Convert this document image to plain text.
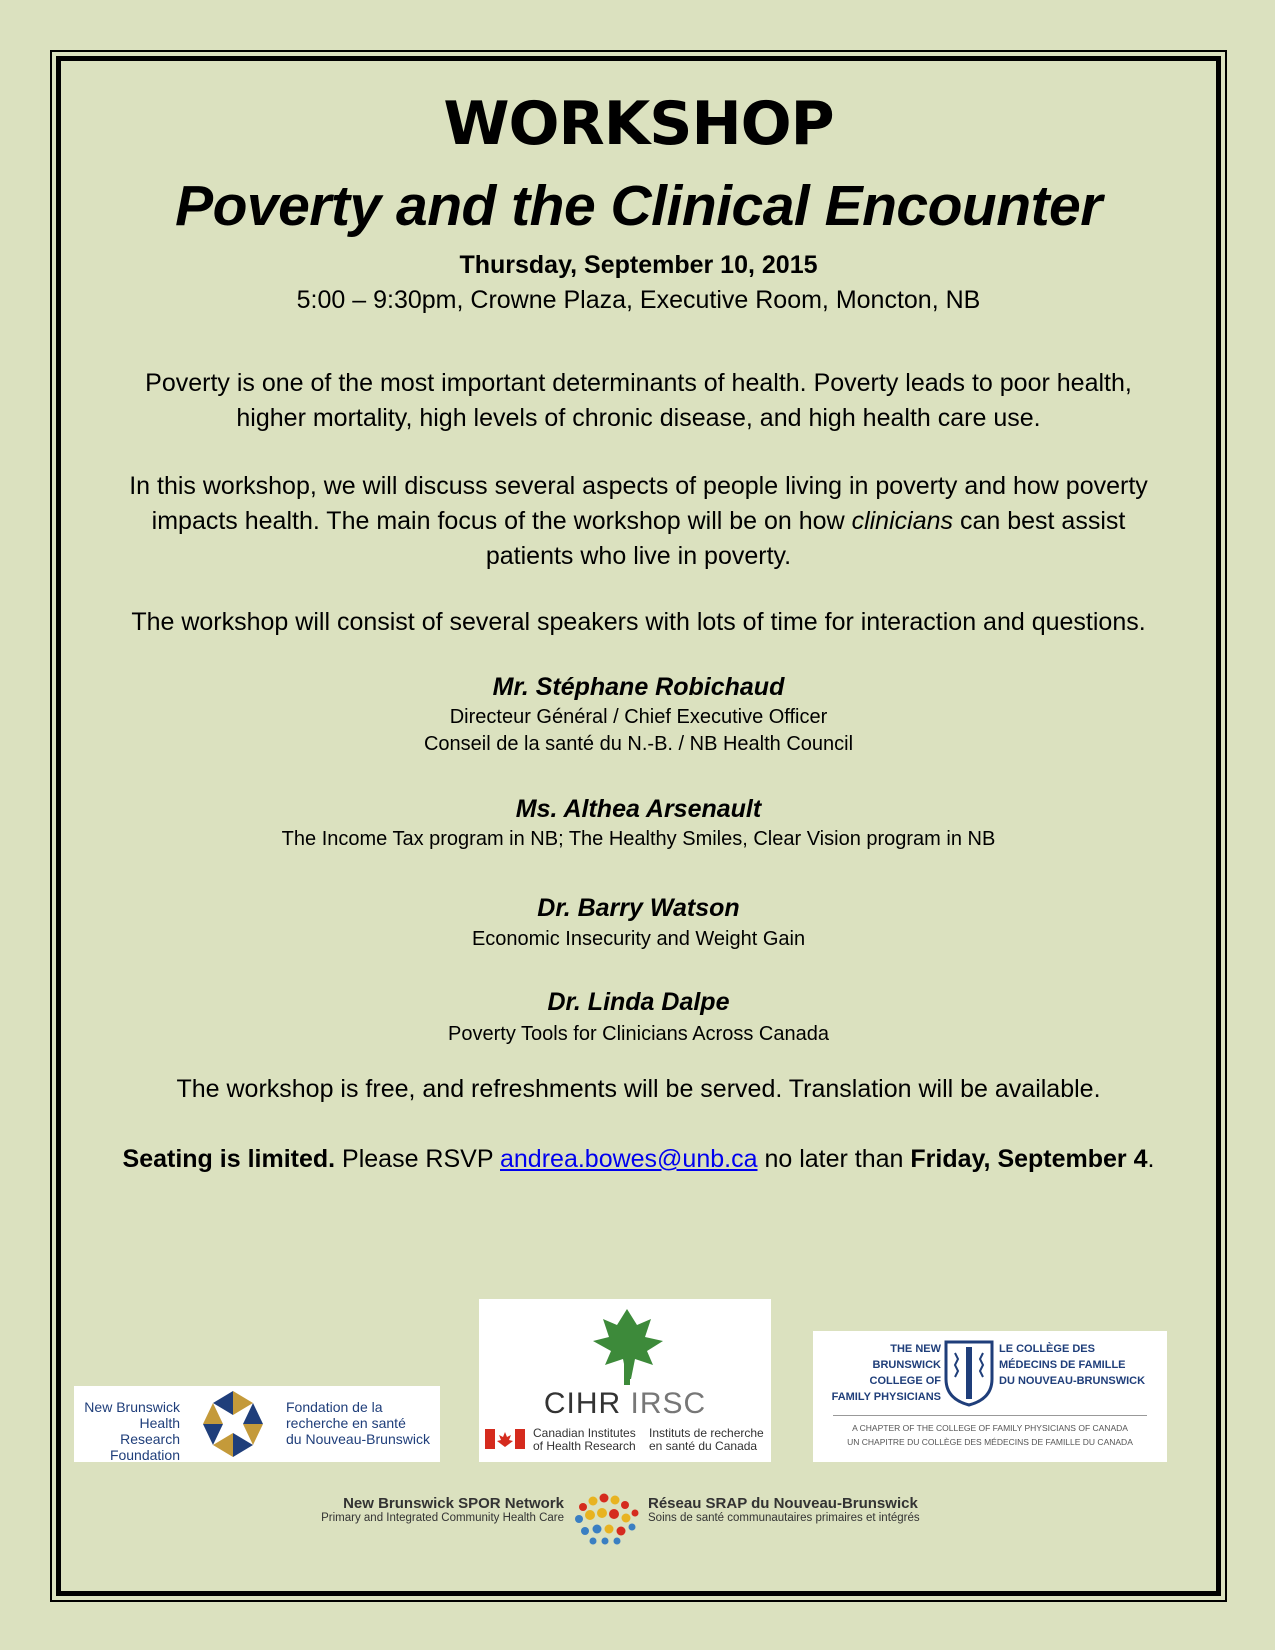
WORKSHOP
Poverty and the Clinical Encounter
Thursday, September 10, 2015
5:00 – 9:30pm, Crowne Plaza, Executive Room, Moncton, NB
Poverty is one of the most important determinants of health. Poverty leads to poor health,
higher mortality, high levels of chronic disease, and high health care use.
In this workshop, we will discuss several aspects of people living in poverty and how poverty
impacts health. The main focus of the workshop will be on how clinicians can best assist
patients who live in poverty.
The workshop will consist of several speakers with lots of time for interaction and questions.
Mr. Stéphane Robichaud
Directeur Général / Chief Executive Officer
Conseil de la santé du N.-B. / NB Health Council
Ms. Althea Arsenault
The Income Tax program in NB; The Healthy Smiles, Clear Vision program in NB
Dr. Barry Watson
Economic Insecurity and Weight Gain
Dr. Linda Dalpe
Poverty Tools for Clinicians Across Canada
The workshop is free, and refreshments will be served. Translation will be available.
Seating is limited. Please RSVP andrea.bowes@unb.ca no later than Friday, September 4.
New Brunswick
Health Research
Foundation
Fondation de la
recherche en santé
du Nouveau-Brunswick
CIHR IRSC
Canadian Institutes
of Health Research
Instituts de recherche
en santé du Canada
THE NEW BRUNSWICK
COLLEGE OF
FAMILY PHYSICIANS
LE COLLÈGE DES
MÉDECINS DE FAMILLE
DU NOUVEAU-BRUNSWICK
A CHAPTER OF THE COLLEGE OF FAMILY PHYSICIANS OF CANADA
UN CHAPITRE DU COLLÈGE DES MÉDECINS DE FAMILLE DU CANADA
New Brunswick SPOR Network
Primary and Integrated Community Health Care
Réseau SRAP du Nouveau-Brunswick
Soins de santé communautaires primaires et intégrés
